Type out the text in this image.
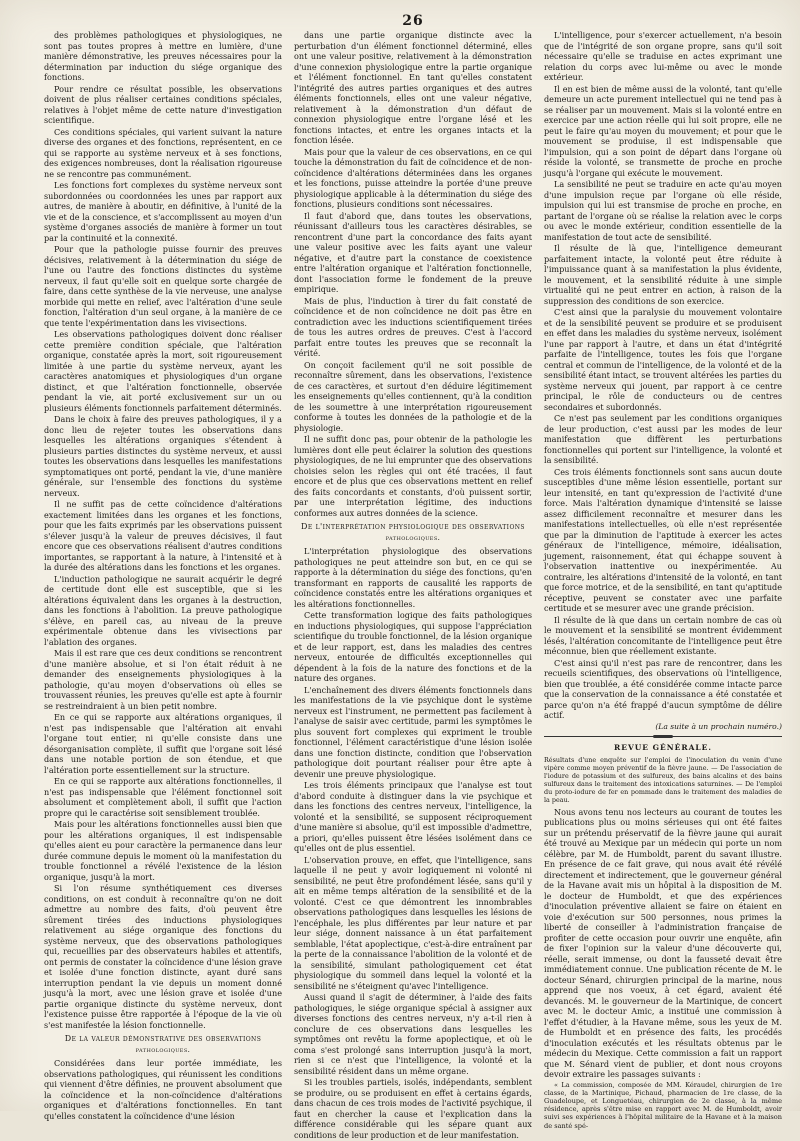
26

des problèmes pathologiques et physiologiques, ne sont pas toutes propres à mettre en lumière, d'une manière démonstrative, les preuves nécessaires pour la détermination par induction du siége organique des fonctions.

Pour rendre ce résultat possible, les observations doivent de plus réaliser certaines conditions spéciales, relatives à l'objet même de cette nature d'investigation scientifique.

Ces conditions spéciales, qui varient suivant la nature diverse des organes et des fonctions, représentent, en ce qui se rapporte au système nerveux et à ses fonctions, des exigences nombreuses, dont la réalisation rigoureuse ne se rencontre pas communément.

Les fonctions fort complexes du système nerveux sont subordonnées ou coordonnées les unes par rapport aux autres, de manière à aboutir, en définitive, à l'unité de la vie et de la conscience, et s'accomplissent au moyen d'un système d'organes associés de manière à former un tout par la continuité et la connexité.

Pour que la pathologie puisse fournir des preuves décisives, relativement à la détermination du siége de l'une ou l'autre des fonctions distinctes du système nerveux, il faut qu'elle soit en quelque sorte chargée de faire, dans cette synthèse de la vie nerveuse, une analyse morbide qui mette en relief, avec l'altération d'une seule fonction, l'altération d'un seul organe, à la manière de ce que tente l'expérimentation dans les vivisections.

Les observations pathologiques doivent donc réaliser cette première condition spéciale, que l'altération organique, constatée après la mort, soit rigoureusement limitée à une partie du système nerveux, ayant les caractères anatomiques et physiologiques d'un organe distinct, et que l'altération fonctionnelle, observée pendant la vie, ait porté exclusivement sur un ou plusieurs éléments fonctionnels parfaitement déterminés.

Dans le choix à faire des preuves pathologiques, il y a donc lieu de rejeter toutes les observations dans lesquelles les altérations organiques s'étendent à plusieurs parties distinctes du système nerveux, et aussi toutes les observations dans lesquelles les manifestations symptomatiques ont porté, pendant la vie, d'une manière générale, sur l'ensemble des fonctions du système nerveux.

Il ne suffit pas de cette coïncidence d'altérations exactement limitées dans les organes et les fonctions, pour que les faits exprimés par les observations puissent s'élever jusqu'à la valeur de preuves décisives, il faut encore que ces observations réalisent d'autres conditions importantes, se rapportant à la nature, à l'intensité et à la durée des altérations dans les fonctions et les organes.

L'induction pathologique ne saurait acquérir le degré de certitude dont elle est susceptible, que si les altérations équivalent dans les organes à la destruction, dans les fonctions à l'abolition. La preuve pathologique s'élève, en pareil cas, au niveau de la preuve expérimentale obtenue dans les vivisections par l'ablation des organes.

Mais il est rare que ces deux conditions se rencontrent d'une manière absolue, et si l'on était réduit à ne demander des enseignements physiologiques à la pathologie, qu'au moyen d'observations où elles se trouvassent réunies, les preuves qu'elle est apte à fournir se restreindraient à un bien petit nombre.

En ce qui se rapporte aux altérations organiques, il n'est pas indispensable que l'altération ait envahi l'organe tout entier, ni qu'elle consiste dans une désorganisation complète, il suffit que l'organe soit lésé dans une notable portion de son étendue, et que l'altération porte essentiellement sur la structure.

En ce qui se rapporte aux altérations fonctionnelles, il n'est pas indispensable que l'élément fonctionnel soit absolument et complètement aboli, il suffit que l'action propre qui le caractérise soit sensiblement troublée.

Mais pour les altérations fonctionnelles aussi bien que pour les altérations organiques, il est indispensable qu'elles aient eu pour caractère la permanence dans leur durée commune depuis le moment où la manifestation du trouble fonctionnel a révélé l'existence de la lésion organique, jusqu'à la mort.

Si l'on résume synthétiquement ces diverses conditions, on est conduit à reconnaître qu'on ne doit admettre au nombre des faits, d'où peuvent être sûrement tirées des inductions physiologiques relativement au siége organique des fonctions du système nerveux, que des observations pathologiques qui, recueillies par des observateurs habiles et attentifs, ont permis de constater la coïncidence d'une lésion grave et isolée d'une fonction distincte, ayant duré sans interruption pendant la vie depuis un moment donné jusqu'à la mort, avec une lésion grave et isolée d'une partie organique distincte du système nerveux, dont l'existence puisse être rapportée à l'époque de la vie où s'est manifestée la lésion fonctionnelle.

De la valeur démonstrative des observations
pathologiques.

Considérées dans leur portée immédiate, les observations pathologiques, qui réunissent les conditions qui viennent d'être définies, ne prouvent absolument que la coïncidence et la non-coïncidence d'altérations organiques et d'altérations fonctionnelles. En tant qu'elles constatent la coïncidence d'une lésion

dans une partie organique distincte avec la perturbation d'un élément fonctionnel déterminé, elles ont une valeur positive, relativement à la démonstration d'une connexion physiologique entre la partie organique et l'élément fonctionnel. En tant qu'elles constatent l'intégrité des autres parties organiques et des autres éléments fonctionnels, elles ont une valeur négative, relativement à la démonstration d'un défaut de connexion physiologique entre l'organe lésé et les fonctions intactes, et entre les organes intacts et la fonction lésée.

Mais pour que la valeur de ces observations, en ce qui touche la démonstration du fait de coïncidence et de non-coïncidence d'altérations déterminées dans les organes et les fonctions, puisse atteindre la portée d'une preuve physiologique applicable à la détermination du siége des fonctions, plusieurs conditions sont nécessaires.

Il faut d'abord que, dans toutes les observations, réunissant d'ailleurs tous les caractères désirables, se rencontrent d'une part la concordance des faits ayant une valeur positive avec les faits ayant une valeur négative, et d'autre part la constance de coexistence entre l'altération organique et l'altération fonctionnelle, dont l'association forme le fondement de la preuve empirique.

Mais de plus, l'induction à tirer du fait constaté de coïncidence et de non coïncidence ne doit pas être en contradiction avec les inductions scientifiquement tirées de tous les autres ordres de preuves. C'est à l'accord parfait entre toutes les preuves que se reconnaît la vérité.

On conçoit facilement qu'il ne soit possible de reconnaître sûrement, dans les observations, l'existence de ces caractères, et surtout d'en déduire légitimement les enseignements qu'elles contiennent, qu'à la condition de les soumettre à une interprétation rigoureusement conforme à toutes les données de la pathologie et de la physiologie.

Il ne suffit donc pas, pour obtenir de la pathologie les lumières dont elle peut éclairer la solution des questions physiologiques, de ne lui emprunter que des observations choisies selon les règles qui ont été tracées, il faut encore et de plus que ces observations mettent en relief des faits concordants et constants, d'où puissent sortir, par une interprétation légitime, des inductions conformes aux autres données de la science.

De l'interprétation physiologique des observations
pathologiques.

L'interprétation physiologique des observations pathologiques ne peut atteindre son but, en ce qui se rapporte à la détermination du siége des fonctions, qu'en transformant en rapports de causalité les rapports de coïncidence constatés entre les altérations organiques et les altérations fonctionnelles.

Cette transformation logique des faits pathologiques en inductions physiologiques, qui suppose l'appréciation scientifique du trouble fonctionnel, de la lésion organique et de leur rapport, est, dans les maladies des centres nerveux, entourée de difficultés exceptionnelles qui dépendent à la fois de la nature des fonctions et de la nature des organes.

L'enchaînement des divers éléments fonctionnels dans les manifestations de la vie psychique dont le système nerveux est l'instrument, ne permettent pas facilement à l'analyse de saisir avec certitude, parmi les symptômes le plus souvent fort complexes qui expriment le trouble fonctionnel, l'élément caractéristique d'une lésion isolée dans une fonction distincte, condition que l'observation pathologique doit pourtant réaliser pour être apte à devenir une preuve physiologique.

Les trois éléments principaux que l'analyse est tout d'abord conduite à distinguer dans la vie psychique et dans les fonctions des centres nerveux, l'intelligence, la volonté et la sensibilité, se supposent réciproquement d'une manière si absolue, qu'il est impossible d'admettre, a priori, qu'elles puissent être lésées isolément dans ce qu'elles ont de plus essentiel.

L'observation prouve, en effet, que l'intelligence, sans laquelle il ne peut y avoir logiquement ni volonté ni sensibilité, ne peut être profondément lésée, sans qu'il y ait en même temps altération de la sensibilité et de la volonté. C'est ce que démontrent les innombrables observations pathologiques dans lesquelles les lésions de l'encéphale, les plus différentes par leur nature et par leur siége, donnent naissance à un état parfaitement semblable, l'état apoplectique, c'est-à-dire entraînent par la perte de la connaissance l'abolition de la volonté et de la sensibilité, simulant pathologiquement cet état physiologique du sommeil dans lequel la volonté et la sensibilité ne s'éteignent qu'avec l'intelligence.

Aussi quand il s'agit de déterminer, à l'aide des faits pathologiques, le siége organique spécial à assigner aux diverses fonctions des centres nerveux, n'y a-t-il rien à conclure de ces observations dans lesquelles les symptômes ont revêtu la forme apoplectique, et où le coma s'est prolongé sans interruption jusqu'à la mort, rien si ce n'est que l'intelligence, la volonté et la sensibilité résident dans un même organe.

Si les troubles partiels, isolés, indépendants, semblent se produire, ou se produisent en effet à certains égards, dans chacun de ces trois modes de l'activité psychique, il faut en chercher la cause et l'explication dans la différence considérable qui les sépare quant aux conditions de leur production et de leur manifestation.

L'intelligence, pour s'exercer actuellement, n'a besoin que de l'intégrité de son organe propre, sans qu'il soit nécessaire qu'elle se traduise en actes exprimant une relation du corps avec lui-même ou avec le monde extérieur.

Il en est bien de même aussi de la volonté, tant qu'elle demeure un acte purement intellectuel qui ne tend pas à se réaliser par un mouvement. Mais si la volonté entre en exercice par une action réelle qui lui soit propre, elle ne peut le faire qu'au moyen du mouvement; et pour que le mouvement se produise, il est indispensable que l'impulsion, qui a son point de départ dans l'organe où réside la volonté, se transmette de proche en proche jusqu'à l'organe qui exécute le mouvement.

La sensibilité ne peut se traduire en acte qu'au moyen d'une impulsion reçue par l'organe où elle réside, impulsion qui lui est transmise de proche en proche, en partant de l'organe où se réalise la relation avec le corps ou avec le monde extérieur, condition essentielle de la manifestation de tout acte de sensibilité.

Il résulte de là que, l'intelligence demeurant parfaitement intacte, la volonté peut être réduite à l'impuissance quant à sa manifestation la plus évidente, le mouvement, et la sensibilité réduite à une simple virtualité qui ne peut entrer en action, à raison de la suppression des conditions de son exercice.

C'est ainsi que la paralysie du mouvement volontaire et de la sensibilité peuvent se produire et se produisent en effet dans les maladies du système nerveux, isolément l'une par rapport à l'autre, et dans un état d'intégrité parfaite de l'intelligence, toutes les fois que l'organe central et commun de l'intelligence, de la volonté et de la sensibilité étant intact, se trouvent altérées les parties du système nerveux qui jouent, par rapport à ce centre principal, le rôle de conducteurs ou de centres secondaires et subordonnés.

Ce n'est pas seulement par les conditions organiques de leur production, c'est aussi par les modes de leur manifestation que diffèrent les perturbations fonctionnelles qui portent sur l'intelligence, la volonté et la sensibilité.

Ces trois éléments fonctionnels sont sans aucun doute susceptibles d'une même lésion essentielle, portant sur leur intensité, en tant qu'expression de l'activité d'une force. Mais l'altération dynamique d'intensité se laisse assez difficilement reconnaître et mesurer dans les manifestations intellectuelles, où elle n'est représentée que par la diminution de l'aptitude à exercer les actes généraux de l'intelligence, mémoire, idéalisation, jugement, raisonnement, état qui échappe souvent à l'observation inattentive ou inexpérimentée. Au contraire, les altérations d'intensité de la volonté, en tant que force motrice, et de la sensibilité, en tant qu'aptitude réceptive, peuvent se constater avec une parfaite certitude et se mesurer avec une grande précision.

Il résulte de là que dans un certain nombre de cas où le mouvement et la sensibilité se montrent évidemment lésés, l'altération concomitante de l'intelligence peut être méconnue, bien que réellement existante.

C'est ainsi qu'il n'est pas rare de rencontrer, dans les recueils scientifiques, des observations où l'intelligence, bien que troublée, a été considérée comme intacte parce que la conservation de la connaissance a été constatée et parce qu'on n'a été frappé d'aucun symptôme de délire actif.

(La suite à un prochain numéro.)
REVUE GÉNÉRALE.

Résultats d'une enquête sur l'emploi de l'inoculation du venin d'une vipère comme moyen préventif de la fièvre jaune. — De l'association de l'iodure de potassium et des sulfureux, des bains alcalins et des bains sulfureux dans le traitement des intoxications saturnines. — De l'emploi du proto-iodure de fer en pommade dans le traitement des maladies de la peau.

Nous avons tenu nos lecteurs au courant de toutes les publications plus ou moins sérieuses qui ont été faites sur un prétendu préservatif de la fièvre jaune qui aurait été trouvé au Mexique par un médecin qui porte un nom célèbre, par M. de Humboldt, parent du savant illustre. En présence de ce fait grave, qui nous avait été révélé directement et indirectement, que le gouverneur général de la Havane avait mis un hôpital à la disposition de M. le docteur de Humboldt, et que des expériences d'inoculation préventive allaient se faire on étaient en voie d'exécution sur 500 personnes, nous primes la liberté de conseiller à l'administration française de profiter de cette occasion pour ouvrir une enquête, afin de fixer l'opinion sur la valeur d'une découverte qui, réelle, serait immense, ou dont la fausseté devait être immédiatement connue. Une publication récente de M. le docteur Sénard, chirurgien principal de la marine, nous apprend que nos voeux, à cet égard, avaient été devancés. M. le gouverneur de la Martinique, de concert avec M. le docteur Amic, a institué une commission à l'effet d'étudier, à la Havane même, sous les yeux de M. de Humboldt et en présence des faits, les procédés d'inoculation exécutés et les résultats obtenus par le médecin du Mexique. Cette commission a fait un rapport que M. Sénard vient de publier, et dont nous croyons devoir extraire les passages suivants :

« La commission, composée de MM. Kéraudel, chirurgien de 1re classe, de la Martinique, Pichaud, pharmacien de 1re classe, de la Guadeloupe, et Longuetéau, chirurgien de 2e classe, à la même résidence, après s'être mise en rapport avec M. de Humboldt, avoir suivi ses expériences à l'hôpital militaire de la Havane et à la maison de santé spé-
